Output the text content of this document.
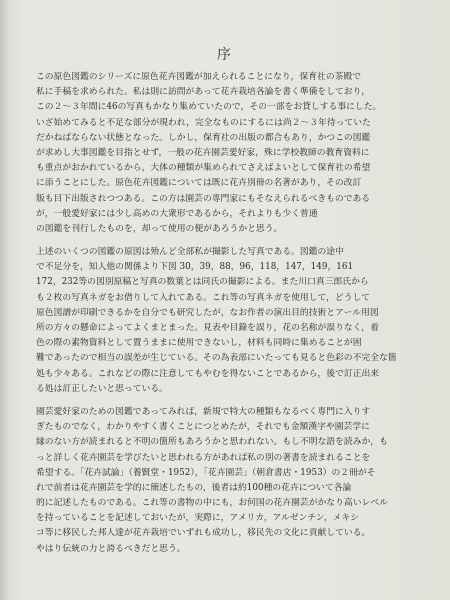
序
この原色図鑑のシリーズに原色花卉図鑑が加えられることになり，保育社の茶殿で
私に手稿を求められた。私は則に訪問があって花卉栽培各論を書く準備をしており，
この２～３年間に46の写真もかなり集めていたので，その一部をお貸しする事にした。
いざ始めてみると不足な部分が現われ，完全なものにするには尚２～３年待っていた
だかねばならない状態となった。しかし，保育社の出版の都合もあり，かつこの図鑑
が求めし大事図鑑を目指とせず，一般の花卉園芸愛好家，殊に学校教師の教育資料に
も重点がおかれているから，大体の種類が集められてさえばよいとして保育社の希望
に添うことにした。原色花卉図鑑については既に花卉別冊の名著があり，その改訂
版も目下出版されつつある。この方は園芸の専門家にもそなえられるべきものである
が，一般愛好家には少し高めの大衆形であるから，それよりも少く普通
の図鑑を刊行したものを，却って使用の便があろうかと思う。
上述のいくつの図鑑の原図は殆んど全部私が撮影した写真である。図鑑の途中
で不足分を，知人他の関係より下図 30，39，88，96，118，147，149，161
172，232等の図別原稿と写真の数葉とは同氏の撮影による。また川口真三郎氏から
も２枚の写真ネガをお借りして入れてある。これ等の写真ネガを使用して，どうして
原色図譜が印刷できるかを自分でも研究したが，なお作者の演出目的技術とアール用図
所の方々の懸命によってよくまとまった。見表や目錄を誤り，花の名称が誤りなく，着
色の際の素物資料として置うままに使用できないし，材料も同時に集めることが困
難であったので相当の誤差が生じている。その為表部にいたっても見ると色彩の不完全な箇
処も少々ある。これなどの際に注意してもやむを得ないことであるから，後で訂正出来
る処は訂正したいと思っている。
園芸愛好家のための図鑑であってみれば，新規で特大の種類もなるべく専門に入りす
ぎたものでなく，わかりやすく書くことにつとめたが，それでも金額漢字や園芸学に
縁のない方が読まれると不明の箇所もあろうかと思われない。もし不明な語を読みか，も
っと詳しく花卉園芸を学びたいと思われる方があれば私の別の著書を読まれることを
希望する。「花卉試論」（養賢堂・1952），「花卉園芸」（朝倉書店・1953）の２冊がそ
れで前者は花卉園芸を学的に簡述したもの，後者は約100種の花卉について各論
的に記述したものである。これ等の書物の中にも，お何国の花卉園芸がかなり高いレベル
を持っていることを記述しておいたが，実際に，アメリカ，アルゼンチン，メキシ
コ等に移民した邦人達が花卉栽培でいずれも成功し，移民先の文化に貢献している。
やはり伝統の力と誇るべきだと思う。
